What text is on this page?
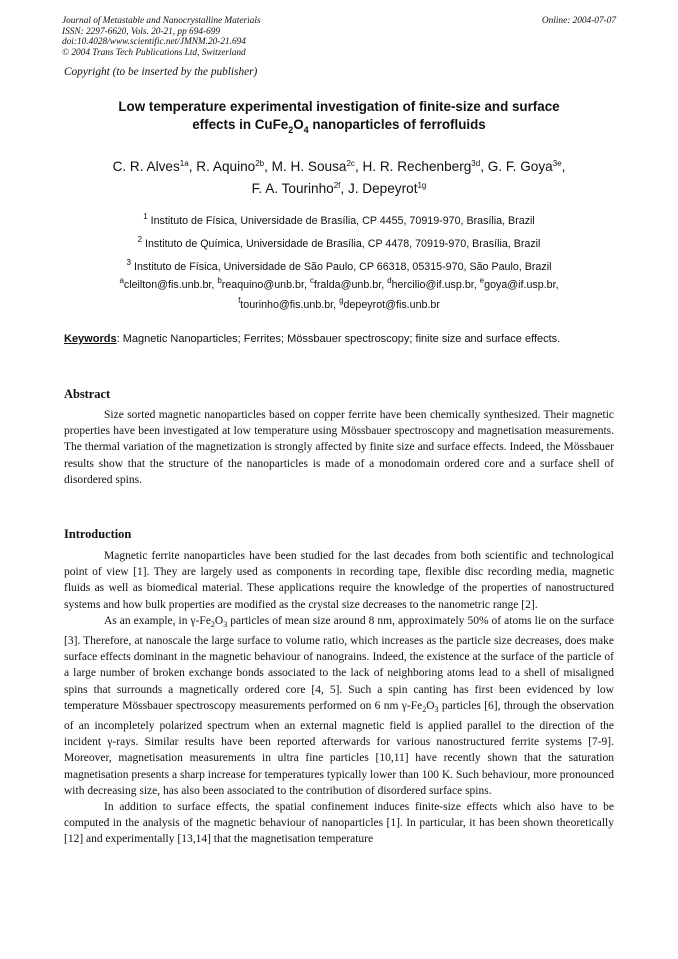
Journal of Metastable and Nanocrystalline Materials
ISSN: 2297-6620, Vols. 20-21, pp 694-699
doi:10.4028/www.scientific.net/JMNM.20-21.694
© 2004 Trans Tech Publications Ltd, Switzerland
Online: 2004-07-07
Copyright (to be inserted by the publisher)
Low temperature experimental investigation of finite-size and surface
effects in $CuFe_2O_4$ nanoparticles of ferrofluids
C. R. Alves$^{1a}$, R. Aquino$^{2b}$, M. H. Sousa$^{2c}$, H. R. Rechenberg$^{3d}$, G. F. Goya$^{3e}$,
F. A. Tourinho$^{2f}$, J. Depeyrot$^{1g}$
$^1$ Instituto de Física, Universidade de Brasília, CP 4455, 70919-970, Brasília, Brazil
$^2$ Instituto de Química, Universidade de Brasília, CP 4478, 70919-970, Brasília, Brazil
$^3$ Instituto de Física, Universidade de São Paulo, CP 66318, 05315-970, São Paulo, Brazil
$^a$cleilton@fis.unb.br, $^b$reaquino@unb.br, $^c$fralda@unb.br, $^d$hercilio@if.usp.br, $^e$goya@if.usp.br,
$^f$tourinho@fis.unb.br, $^g$depeyrot@fis.unb.br
Keywords: Magnetic Nanoparticles; Ferrites; Mössbauer spectroscopy; finite size and surface effects.
Abstract

Size sorted magnetic nanoparticles based on copper ferrite have been chemically synthesized. Their magnetic properties have been investigated at low temperature using Mössbauer spectroscopy and magnetisation measurements. The thermal variation of the magnetization is strongly affected by finite size and surface effects. Indeed, the Mössbauer results show that the structure of the nanoparticles is made of a monodomain ordered core and a surface shell of disordered spins.

Introduction

Magnetic ferrite nanoparticles have been studied for the last decades from both scientific and technological point of view [1]. They are largely used as components in recording tape, flexible disc recording media, magnetic fluids as well as biomedical material. These applications require the knowledge of the properties of nanostructured systems and how bulk properties are modified as the crystal size decreases to the nanometric range [2].

As an example, in $\gamma-Fe_2O_3$ particles of mean size around 8 nm, approximately 50% of atoms lie on the surface [3]. Therefore, at nanoscale the large surface to volume ratio, which increases as the particle size decreases, does make surface effects dominant in the magnetic behaviour of nanograins. Indeed, the existence at the surface of the particle of a large number of broken exchange bonds associated to the lack of neighboring atoms lead to a shell of misaligned spins that surrounds a magnetically ordered core [4, 5]. Such a spin canting has first been evidenced by low temperature Mössbauer spectroscopy measurements performed on 6 nm $\gamma-Fe_2O_3$ particles [6], through the observation of an incompletely polarized spectrum when an external magnetic field is applied parallel to the direction of the incident γ-rays. Similar results have been reported afterwards for various nanostructured ferrite systems [7-9]. Moreover, magnetisation measurements in ultra fine particles [10,11] have recently shown that the saturation magnetisation presents a sharp increase for temperatures typically lower than 100 K. Such behaviour, more pronounced with decreasing size, has also been associated to the contribution of disordered surface spins.

In addition to surface effects, the spatial confinement induces finite-size effects which also have to be computed in the analysis of the magnetic behaviour of nanoparticles [1]. In particular, it has been shown theoretically [12] and experimentally [13,14] that the magnetisation temperature
